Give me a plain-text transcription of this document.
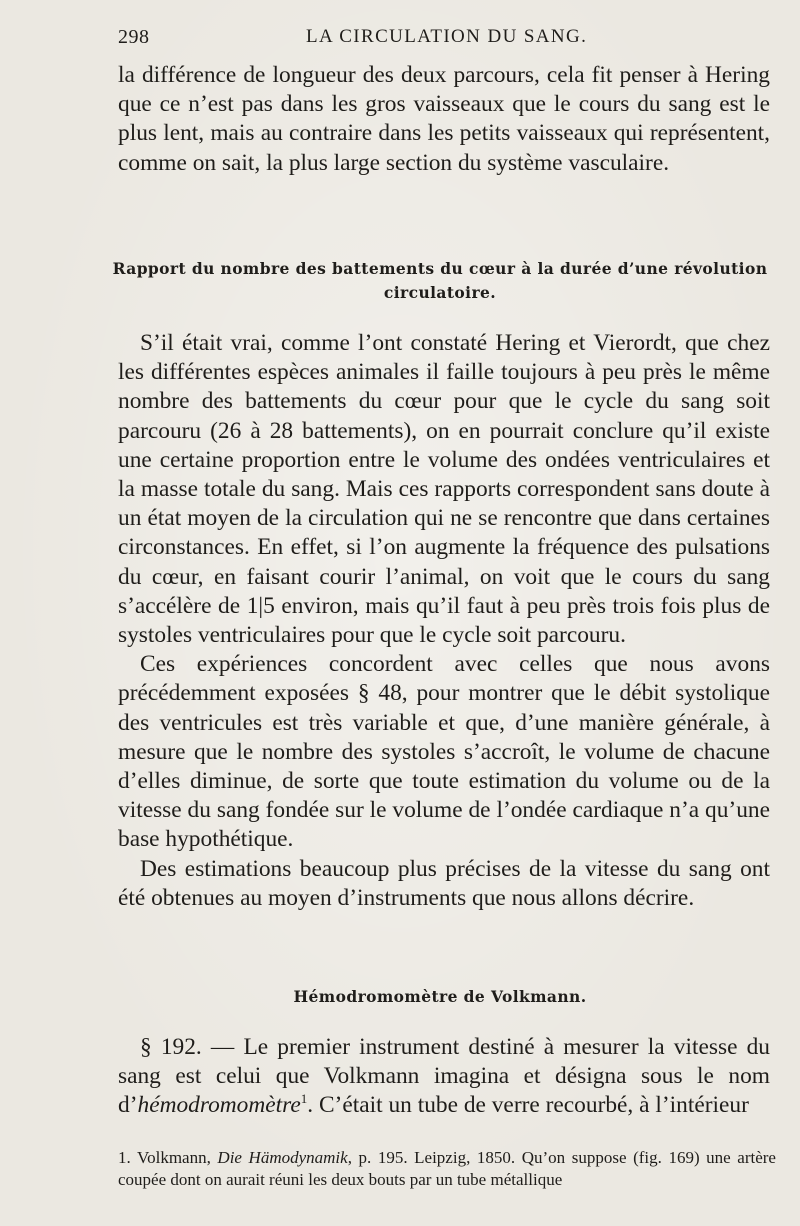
298	LA CIRCULATION DU SANG.

la différence de longueur des deux parcours, cela fit penser à Hering que ce n’est pas dans les gros vaisseaux que le cours du sang est le plus lent, mais au contraire dans les petits vaisseaux qui représentent, comme on sait, la plus large section du système vasculaire.

Rapport du nombre des battements du cœur à la durée d’une révolution circulatoire.

S’il était vrai, comme l’ont constaté Hering et Vierordt, que chez les différentes espèces animales il faille toujours à peu près le même nombre des battements du cœur pour que le cycle du sang soit parcouru (26 à 28 battements), on en pourrait conclure qu’il existe une certaine proportion entre le volume des ondées ventriculaires et la masse totale du sang. Mais ces rapports correspondent sans doute à un état moyen de la circulation qui ne se rencontre que dans certaines circonstances. En effet, si l’on augmente la fréquence des pulsations du cœur, en faisant courir l’animal, on voit que le cours du sang s’accélère de 1|5 environ, mais qu’il faut à peu près trois fois plus de systoles ventriculaires pour que le cycle soit parcouru.

Ces expériences concordent avec celles que nous avons précédemment exposées § 48, pour montrer que le débit systolique des ventricules est très variable et que, d’une manière générale, à mesure que le nombre des systoles s’accroît, le volume de chacune d’elles diminue, de sorte que toute estimation du volume ou de la vitesse du sang fondée sur le volume de l’ondée cardiaque n’a qu’une base hypothétique.

Des estimations beaucoup plus précises de la vitesse du sang ont été obtenues au moyen d’instruments que nous allons décrire.

Hémodromomètre de Volkmann.

§ 192. — Le premier instrument destiné à mesurer la vitesse du sang est celui que Volkmann imagina et désigna sous le nom d’hémodromomètre$^1$. C’était un tube de verre recourbé, à l’intérieur

1. Volkmann, Die Hämodynamik, p. 195. Leipzig, 1850. Qu’on suppose (fig. 169) une artère coupée dont on aurait réuni les deux bouts par un tube métallique
